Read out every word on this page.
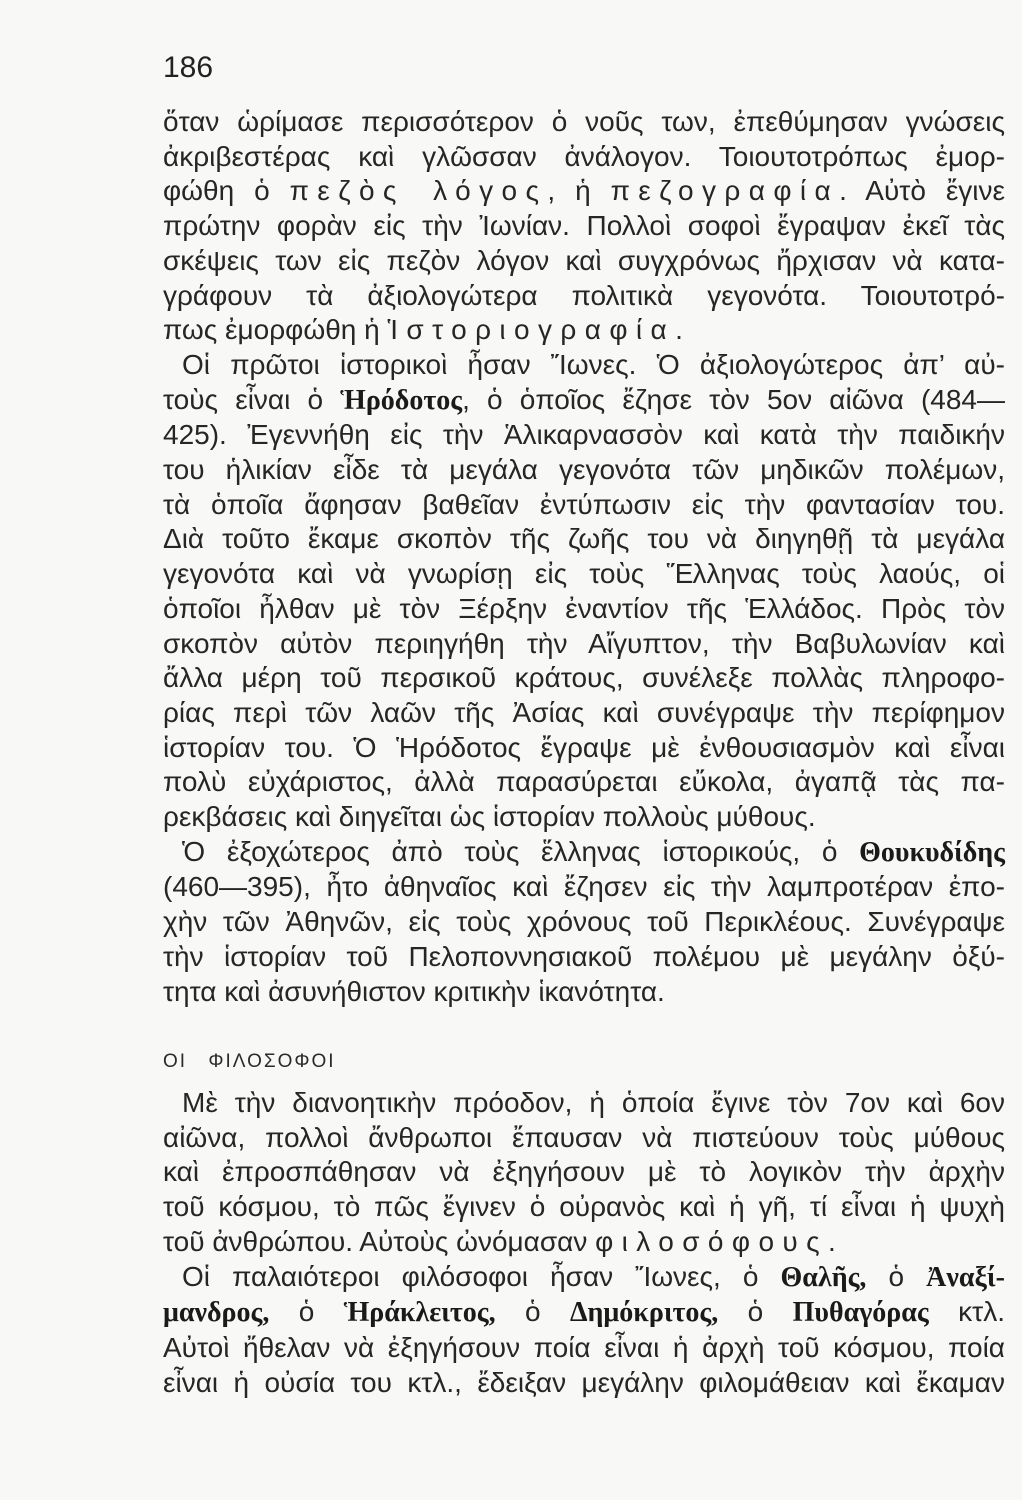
186
ὅταν ὡρίμασε περισσότερον ὁ νοῦς των, ἐπεθύμησαν γνώσεις
ἀκριβεστέρας καὶ γλῶσσαν ἀνάλογον. Τοιουτοτρόπως ἐμορ-
φώθη ὁ πεζὸς λόγος, ἡ πεζογραφία. Αὐτὸ ἔγινε
πρώτην φορὰν εἰς τὴν Ἰωνίαν. Πολλοὶ σοφοὶ ἔγραψαν ἐκεῖ τὰς
σκέψεις των εἰς πεζὸν λόγον καὶ συγχρόνως ἤρχισαν νὰ κατα-
γράφουν τὰ ἀξιολογώτερα πολιτικὰ γεγονότα. Τοιουτοτρό-
πως ἐμορφώθη ἡ Ἱστοριογραφία.
Οἱ πρῶτοι ἱστορικοὶ ἦσαν Ἴωνες. Ὁ ἀξιολογώτερος ἀπ’ αὐ-
τοὺς εἶναι ὁ Ἡρόδοτος, ὁ ὁποῖος ἔζησε τὸν 5ον αἰῶνα (484—
425). Ἐγεννήθη εἰς τὴν Ἁλικαρνασσὸν καὶ κατὰ τὴν παιδικήν
του ἡλικίαν εἶδε τὰ μεγάλα γεγονότα τῶν μηδικῶν πολέμων,
τὰ ὁποῖα ἄφησαν βαθεῖαν ἐντύπωσιν εἰς τὴν φαντασίαν του.
Διὰ τοῦτο ἔκαμε σκοπὸν τῆς ζωῆς του νὰ διηγηθῇ τὰ μεγάλα
γεγονότα καὶ νὰ γνωρίσῃ εἰς τοὺς Ἕλληνας τοὺς λαούς, οἱ
ὁποῖοι ἦλθαν μὲ τὸν Ξέρξην ἐναντίον τῆς Ἑλλάδος. Πρὸς τὸν
σκοπὸν αὐτὸν περιηγήθη τὴν Αἴγυπτον, τὴν Βαβυλωνίαν καὶ
ἄλλα μέρη τοῦ περσικοῦ κράτους, συνέλεξε πολλὰς πληροφο-
ρίας περὶ τῶν λαῶν τῆς Ἀσίας καὶ συνέγραψε τὴν περίφημον
ἱστορίαν του. Ὁ Ἡρόδοτος ἔγραψε μὲ ἐνθουσιασμὸν καὶ εἶναι
πολὺ εὐχάριστος, ἀλλὰ παρασύρεται εὔκολα, ἀγαπᾷ τὰς πα-
ρεκβάσεις καὶ διηγεῖται ὡς ἱστορίαν πολλοὺς μύθους.
Ὁ ἐξοχώτερος ἀπὸ τοὺς ἕλληνας ἱστορικούς, ὁ Θουκυδίδης
(460—395), ἦτο ἀθηναῖος καὶ ἔζησεν εἰς τὴν λαμπροτέραν ἐπο-
χὴν τῶν Ἀθηνῶν, εἰς τοὺς χρόνους τοῦ Περικλέους. Συνέγραψε
τὴν ἱστορίαν τοῦ Πελοποννησιακοῦ πολέμου μὲ μεγάλην ὀξύ-
τητα καὶ ἀσυνήθιστον κριτικὴν ἱκανότητα.
ΟΙ ΦΙΛΟΣΟΦΟΙ
Μὲ τὴν διανοητικὴν πρόοδον, ἡ ὁποία ἔγινε τὸν 7ον καὶ 6ον
αἰῶνα, πολλοὶ ἄνθρωποι ἔπαυσαν νὰ πιστεύουν τοὺς μύθους
καὶ ἐπροσπάθησαν νὰ ἐξηγήσουν μὲ τὸ λογικὸν τὴν ἀρχὴν
τοῦ κόσμου, τὸ πῶς ἔγινεν ὁ οὐρανὸς καὶ ἡ γῆ, τί εἶναι ἡ ψυχὴ
τοῦ ἀνθρώπου. Αὐτοὺς ὠνόμασαν φιλοσόφους.
Οἱ παλαιότεροι φιλόσοφοι ἦσαν Ἴωνες, ὁ Θαλῆς, ὁ Ἀναξί-
μανδρος, ὁ Ἡράκλειτος, ὁ Δημόκριτος, ὁ Πυθαγόρας κτλ.
Αὐτοὶ ἤθελαν νὰ ἐξηγήσουν ποία εἶναι ἡ ἀρχὴ τοῦ κόσμου, ποία
εἶναι ἡ οὐσία του κτλ., ἔδειξαν μεγάλην φιλομάθειαν καὶ ἔκαμαν
